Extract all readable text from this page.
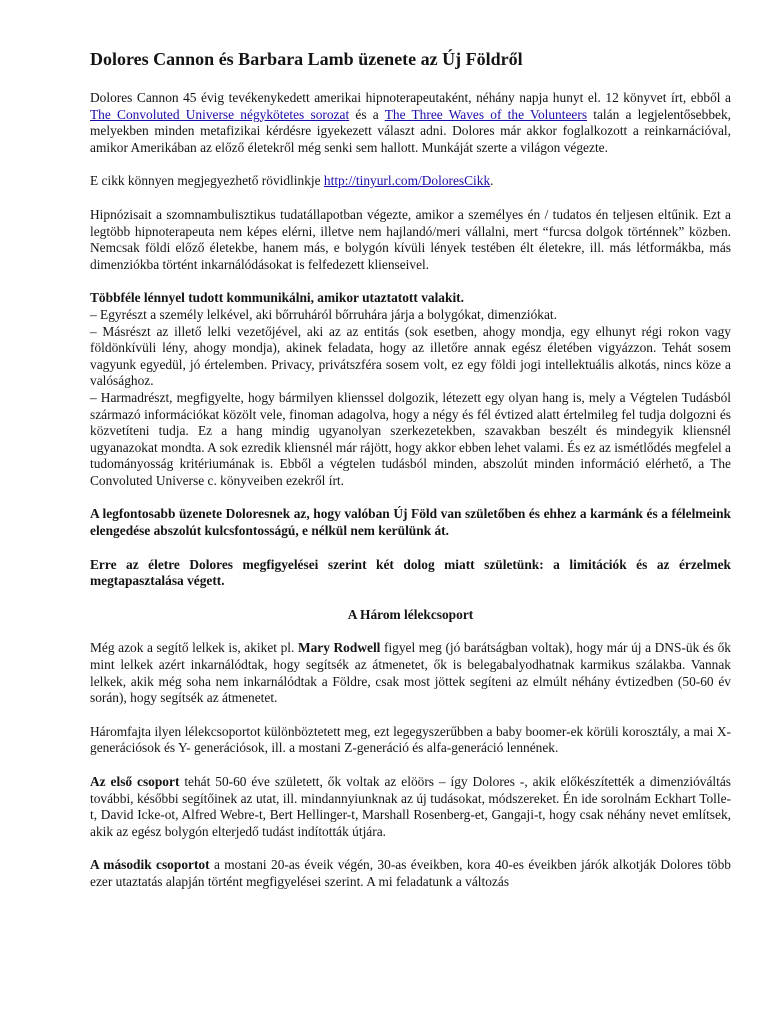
Dolores Cannon és Barbara Lamb üzenete az Új Földről

Dolores Cannon 45 évig tevékenykedett amerikai hipnoterapeutaként, néhány napja hunyt el. 12 könyvet írt, ebből a The Convoluted Universe négykötetes sorozat és a The Three Waves of the Volunteers talán a legjelentősebbek, melyekben minden metafizikai kérdésre igyekezett választ adni. Dolores már akkor foglalkozott a reinkarnációval, amikor Amerikában az előző életekről még senki sem hallott. Munkáját szerte a világon végezte.

E cikk könnyen megjegyezhető rövidlinkje http://tinyurl.com/DoloresCikk.

Hipnózisait a szomnambulisztikus tudatállapotban végezte, amikor a személyes én / tudatos én teljesen eltűnik. Ezt a legtöbb hipnoterapeuta nem képes elérni, illetve nem hajlandó/meri vállalni, mert “furcsa dolgok történnek” közben. Nemcsak földi előző életekbe, hanem más, e bolygón kívüli lények testében élt életekre, ill. más létformákba, más dimenziókba történt inkarnálódásokat is felfedezett klienseivel.

Többféle lénnyel tudott kommunikálni, amikor utaztatott valakit.
– Egyrészt a személy lelkével, aki bőrruháról bőrruhára járja a bolygókat, dimenziókat.
– Másrészt az illető lelki vezetőjével, aki az az entitás (sok esetben, ahogy mondja, egy elhunyt régi rokon vagy földönkívüli lény, ahogy mondja), akinek feladata, hogy az illetőre annak egész életében vigyázzon. Tehát sosem vagyunk egyedül, jó értelemben. Privacy, privátszféra sosem volt, ez egy földi jogi intellektuális alkotás, nincs köze a valósághoz.
– Harmadrészt, megfigyelte, hogy bármilyen klienssel dolgozik, létezett egy olyan hang is, mely a Végtelen Tudásból származó információkat közölt vele, finoman adagolva, hogy a négy és fél évtized alatt értelmileg fel tudja dolgozni és közvetíteni tudja. Ez a hang mindig ugyanolyan szerkezetekben, szavakban beszélt és mindegyik kliensnél ugyanazokat mondta. A sok ezredik kliensnél már rájött, hogy akkor ebben lehet valami. És ez az ismétlődés megfelel a tudományosság kritériumának is. Ebből a végtelen tudásból minden, abszolút minden információ elérhető, a The Convoluted Universe c. könyveiben ezekről írt.

A legfontosabb üzenete Doloresnek az, hogy valóban Új Föld van születőben és ehhez a karmánk és a félelmeink elengedése abszolút kulcsfontosságú, e nélkül nem kerülünk át.

Erre az életre Dolores megfigyelései szerint két dolog miatt születünk: a limitációk és az érzelmek megtapasztalása végett.

A Három lélekcsoport

Még azok a segítő lelkek is, akiket pl. Mary Rodwell figyel meg (jó barátságban voltak), hogy már új a DNS-ük és ők mint lelkek azért inkarnálódtak, hogy segítsék az átmenetet, ők is belegabalyodhatnak karmikus szálakba. Vannak lelkek, akik még soha nem inkarnálódtak a Földre, csak most jöttek segíteni az elmúlt néhány évtizedben (50-60 év során), hogy segítsék az átmenetet.

Háromfajta ilyen lélekcsoportot különböztetett meg, ezt legegyszerűbben a baby boomer-ek körüli korosztály, a mai X-generációsok és Y- generációsok, ill. a mostani Z-generáció és alfa-generáció lennének.

Az első csoport tehát 50-60 éve született, ők voltak az elöörs – így Dolores -, akik előkészítették a dimenzióváltás további, későbbi segítőinek az utat, ill. mindannyiunknak az új tudásokat, módszereket. Én ide sorolnám Eckhart Tolle-t, David Icke-ot, Alfred Webre-t, Bert Hellinger-t, Marshall Rosenberg-et, Gangaji-t, hogy csak néhány nevet említsek, akik az egész bolygón elterjedő tudást indították útjára.

A második csoportot a mostani 20-as éveik végén, 30-as éveikben, kora 40-es éveikben járók alkotják Dolores több ezer utaztatás alapján történt megfigyelései szerint. A mi feladatunk a változás
